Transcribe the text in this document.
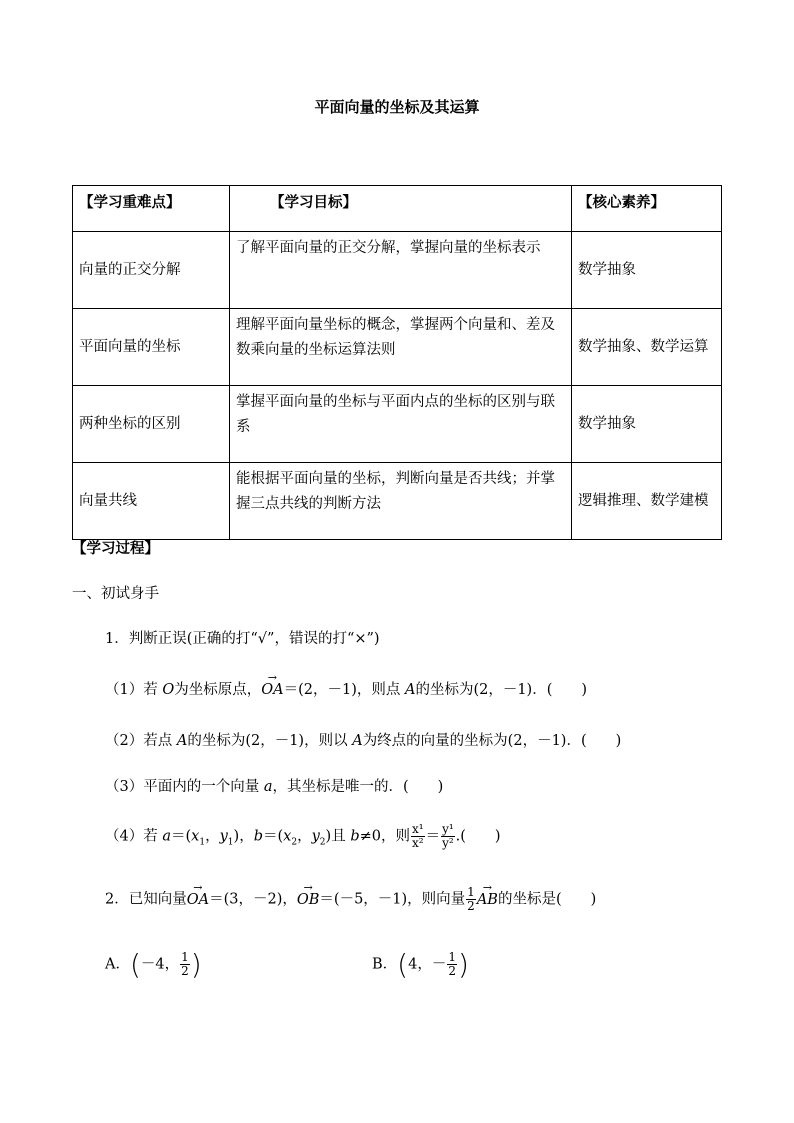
平面向量的坐标及其运算
【学习重难点】	【学习目标】	【核心素养】
向量的正交分解	了解平面向量的正交分解，掌握向量的坐标表示	数学抽象
平面向量的坐标	理解平面向量坐标的概念，掌握两个向量和、差及数乘向量的坐标运算法则	数学抽象、数学运算
两种坐标的区别	掌握平面向量的坐标与平面内点的坐标的区别与联系	数学抽象
向量共线	能根据平面向量的坐标，判断向量是否共线；并掌握三点共线的判断方法	逻辑推理、数学建模
【学习过程】
一、初试身手
1．判断正误(正确的打“√”，错误的打“×”)
（1）若 O为坐标原点，→ OA＝(2，－1)，则点 A的坐标为(2，－1)．(　　)
（2）若点 A的坐标为(2，－1)，则以 A为终点的向量的坐标为(2，－1)．(　　)
（3）平面内的一个向量 a，其坐标是唯一的．(　　)
（4）若 $a=(x_1$，$y_1$)，$b=(x_2$，$y_2$)且 b≠0，则 $\frac{\text{x¹}}{\text{x²}} = \frac{\text{y¹}}{\text{y²}}$ .(　　)
2．已知向量→ OA＝(3，－2)，→ OB＝(－5，－1)，则向量 $\frac{1}{2}$ → AB的坐标是(　　)
A．(－4， $\frac{1}{2}$ )	B．(4，－ $\frac{1}{2}$ )
